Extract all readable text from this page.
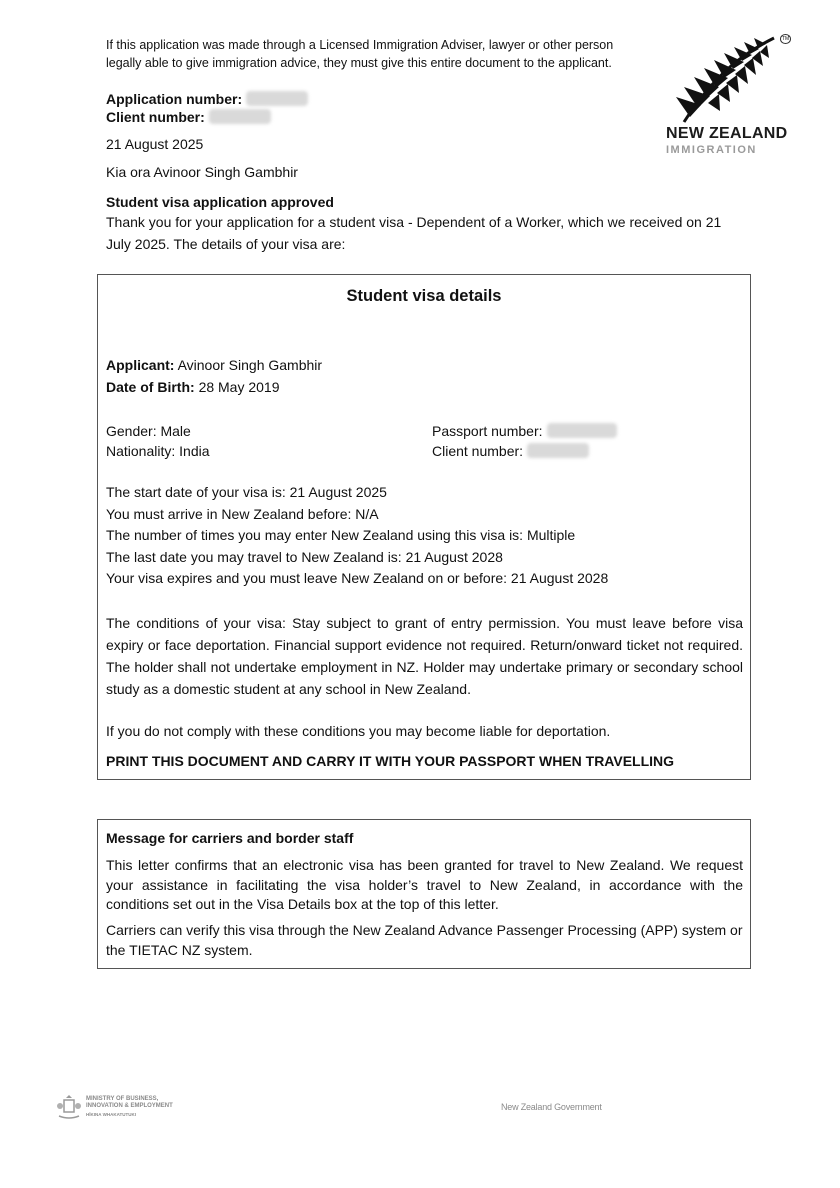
If this application was made through a Licensed Immigration Adviser, lawyer or other person legally able to give immigration advice, they must give this entire document to the applicant.
TM
NEW ZEALAND
IMMIGRATION
Application number:
Client number:
21 August 2025
Kia ora Avinoor Singh Gambhir
Student visa application approved
Thank you for your application for a student visa - Dependent of a Worker, which we received on 21 July 2025. The details of your visa are:
Student visa details
Applicant: Avinoor Singh Gambhir
Date of Birth: 28 May 2019
Gender: Male
Nationality: India
Passport number:
Client number:
The start date of your visa is: 21 August 2025
You must arrive in New Zealand before: N/A
The number of times you may enter New Zealand using this visa is: Multiple
The last date you may travel to New Zealand is: 21 August 2028
Your visa expires and you must leave New Zealand on or before: 21 August 2028
The conditions of your visa: Stay subject to grant of entry permission. You must leave before visa expiry or face deportation. Financial support evidence not required. Return/onward ticket not required. The holder shall not undertake employment in NZ. Holder may undertake primary or secondary school study as a domestic student at any school in New Zealand.
If you do not comply with these conditions you may become liable for deportation.
PRINT THIS DOCUMENT AND CARRY IT WITH YOUR PASSPORT WHEN TRAVELLING
Message for carriers and border staff
This letter confirms that an electronic visa has been granted for travel to New Zealand. We request your assistance in facilitating the visa holder’s travel to New Zealand, in accordance with the conditions set out in the Visa Details box at the top of this letter.
Carriers can verify this visa through the New Zealand Advance Passenger Processing (APP) system or the TIETAC NZ system.
MINISTRY OF BUSINESS,
INNOVATION & EMPLOYMENT
HĪKINA WHAKATUTUKI
New Zealand Government
